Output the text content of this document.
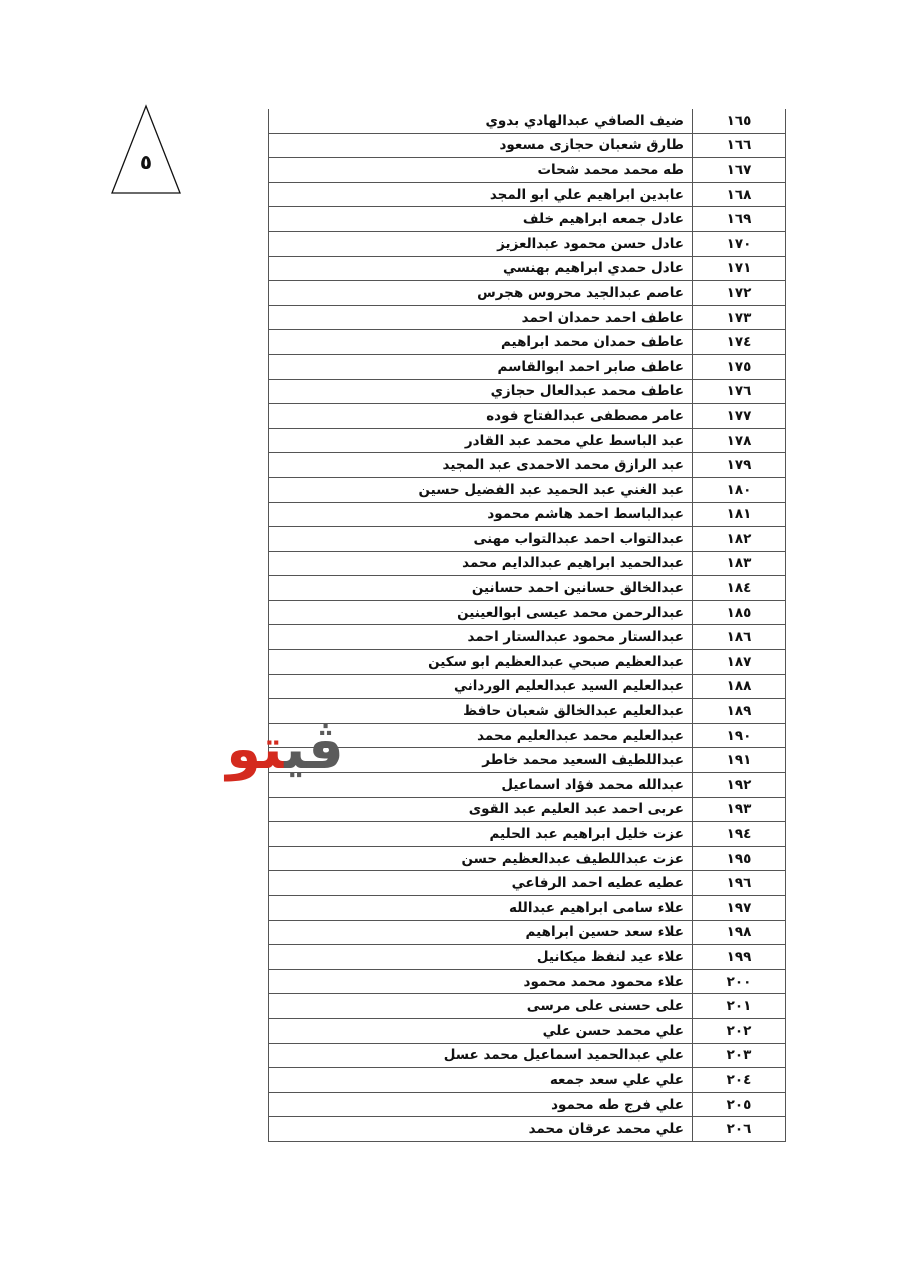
٥
ضيف الصافي عبدالهادي بدوي	١٦٥
طارق شعبان حجازى مسعود	١٦٦
طه محمد محمد شحات	١٦٧
عابدين ابراهيم علي ابو المجد	١٦٨
عادل جمعه ابراهيم خلف	١٦٩
عادل حسن محمود عبدالعزيز	١٧٠
عادل حمدي ابراهيم بهنسي	١٧١
عاصم عبدالجيد محروس هجرس	١٧٢
عاطف احمد حمدان احمد	١٧٣
عاطف حمدان محمد ابراهيم	١٧٤
عاطف صابر احمد ابوالقاسم	١٧٥
عاطف محمد عبدالعال حجازي	١٧٦
عامر مصطفى عبدالفتاح فوده	١٧٧
عبد الباسط علي محمد عبد القادر	١٧٨
عبد الرازق محمد الاحمدى عبد المجيد	١٧٩
عبد الغني عبد الحميد عبد الفضيل حسين	١٨٠
عبدالباسط احمد هاشم محمود	١٨١
عبدالتواب احمد عبدالتواب مهنى	١٨٢
عبدالحميد ابراهيم عبدالدايم محمد	١٨٣
عبدالخالق حسانين احمد حسانين	١٨٤
عبدالرحمن محمد عيسى ابوالعينين	١٨٥
عبدالستار محمود عبدالستار احمد	١٨٦
عبدالعظيم صبحي عبدالعظيم ابو سكين	١٨٧
عبدالعليم السيد عبدالعليم الورداني	١٨٨
عبدالعليم عبدالخالق شعبان حافظ	١٨٩
عبدالعليم محمد عبدالعليم محمد	١٩٠
عبداللطيف السعيد محمد خاطر	١٩١
عبدالله محمد فؤاد اسماعيل	١٩٢
عربى احمد عبد العليم عبد القوى	١٩٣
عزت خليل ابراهيم عبد الحليم	١٩٤
عزت عبداللطيف عبدالعظيم حسن	١٩٥
عطيه عطيه احمد الرفاعي	١٩٦
علاء سامى ابراهيم عبدالله	١٩٧
علاء سعد حسين ابراهيم	١٩٨
علاء عيد لنفظ ميكانيل	١٩٩
علاء محمود محمد محمود	٢٠٠
على حسنى على مرسى	٢٠١
علي محمد حسن علي	٢٠٢
علي عبدالحميد اسماعيل محمد عسل	٢٠٣
علي علي سعد جمعه	٢٠٤
علي فرج طه محمود	٢٠٥
علي محمد عرقان محمد	٢٠٦
ڤيتو
